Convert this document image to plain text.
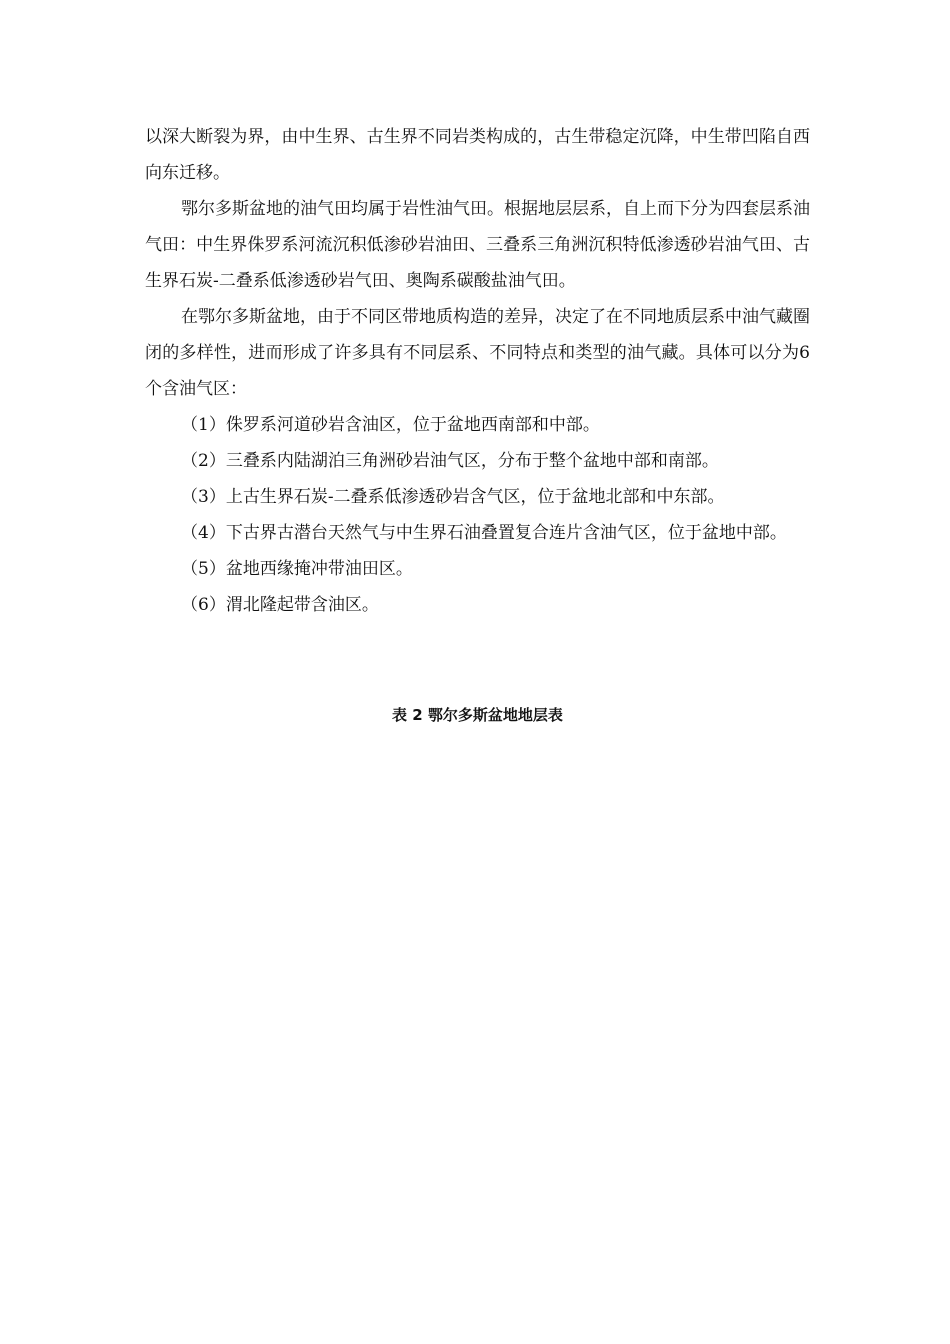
以深大断裂为界，由中生界、古生界不同岩类构成的，古生带稳定沉降，中生带凹陷自西向东迁移。

鄂尔多斯盆地的油气田均属于岩性油气田。根据地层层系，自上而下分为四套层系油气田：中生界侏罗系河流沉积低渗砂岩油田、三叠系三角洲沉积特低渗透砂岩油气田、古生界石炭-二叠系低渗透砂岩气田、奥陶系碳酸盐油气田。

在鄂尔多斯盆地，由于不同区带地质构造的差异，决定了在不同地质层系中油气藏圈闭的多样性，进而形成了许多具有不同层系、不同特点和类型的油气藏。具体可以分为6个含油气区：

（1）侏罗系河道砂岩含油区，位于盆地西南部和中部。

（2）三叠系内陆湖泊三角洲砂岩油气区，分布于整个盆地中部和南部。

（3）上古生界石炭-二叠系低渗透砂岩含气区，位于盆地北部和中东部。

（4）下古界古潜台天然气与中生界石油叠置复合连片含油气区，位于盆地中部。

（5）盆地西缘掩冲带油田区。

（6）渭北隆起带含油区。

表 2 鄂尔多斯盆地地层表
